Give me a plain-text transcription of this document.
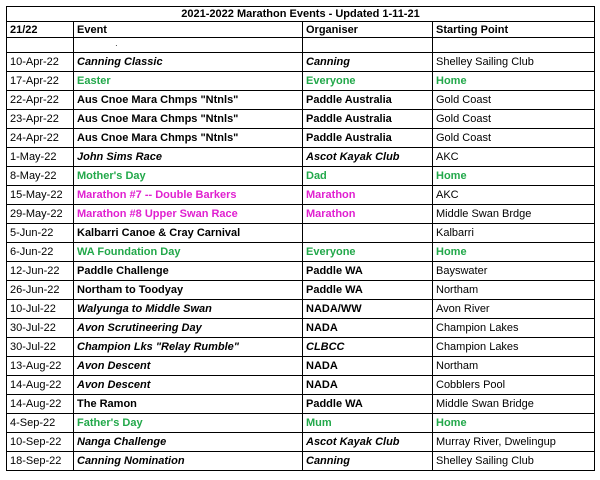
2021-2022 Marathon Events - Updated 1-11-21			
21/22	Event	Organiser	Starting Point
	·		
10-Apr-22	Canning Classic	Canning	Shelley Sailing Club
17-Apr-22	Easter	Everyone	Home
22-Apr-22	Aus Cnoe Mara Chmps "Ntnls"	Paddle Australia	Gold Coast
23-Apr-22	Aus Cnoe Mara Chmps "Ntnls"	Paddle Australia	Gold Coast
24-Apr-22	Aus Cnoe Mara Chmps "Ntnls"	Paddle Australia	Gold Coast
1-May-22	John Sims Race	Ascot Kayak Club	AKC
8-May-22	Mother's Day	Dad	Home
15-May-22	Marathon #7 -- Double Barkers	Marathon	AKC
29-May-22	Marathon #8 Upper Swan Race	Marathon	Middle Swan Brdge
5-Jun-22	Kalbarri Canoe & Cray Carnival		Kalbarri
6-Jun-22	WA Foundation Day	Everyone	Home
12-Jun-22	Paddle Challenge	Paddle WA	Bayswater
26-Jun-22	Northam to Toodyay	Paddle WA	Northam
10-Jul-22	Walyunga to Middle Swan	NADA/WW	Avon River
30-Jul-22	Avon Scrutineering Day	NADA	Champion Lakes
30-Jul-22	Champion Lks "Relay Rumble"	CLBCC	Champion Lakes
13-Aug-22	Avon Descent	NADA	Northam
14-Aug-22	Avon Descent	NADA	Cobblers Pool
14-Aug-22	The Ramon	Paddle WA	Middle Swan Bridge
4-Sep-22	Father's Day	Mum	Home
10-Sep-22	Nanga Challenge	Ascot Kayak Club	Murray River, Dwelingup
18-Sep-22	Canning Nomination	Canning	Shelley Sailing Club
